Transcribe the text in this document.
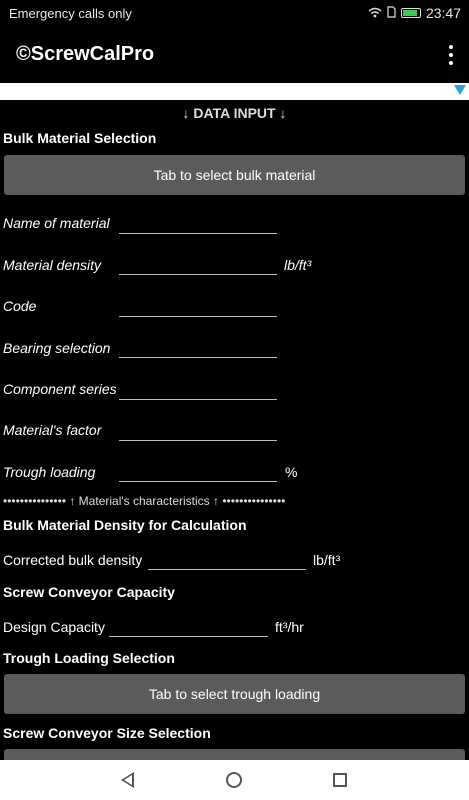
Emergency calls only	23:47
©ScrewCalPro
↓ DATA INPUT ↓
Bulk Material Selection
Tab to select bulk material
Name of material
Material density	lb/ft³
Code
Bearing selection
Component series
Material's factor
Trough loading	%
••••••••••••••• ↑ Material's characteristics ↑ •••••••••••••••
Bulk Material Density for Calculation
Corrected bulk density	lb/ft³
Screw Conveyor Capacity
Design Capacity	ft³/hr
Trough Loading Selection
Tab to select trough loading
Screw Conveyor Size Selection
